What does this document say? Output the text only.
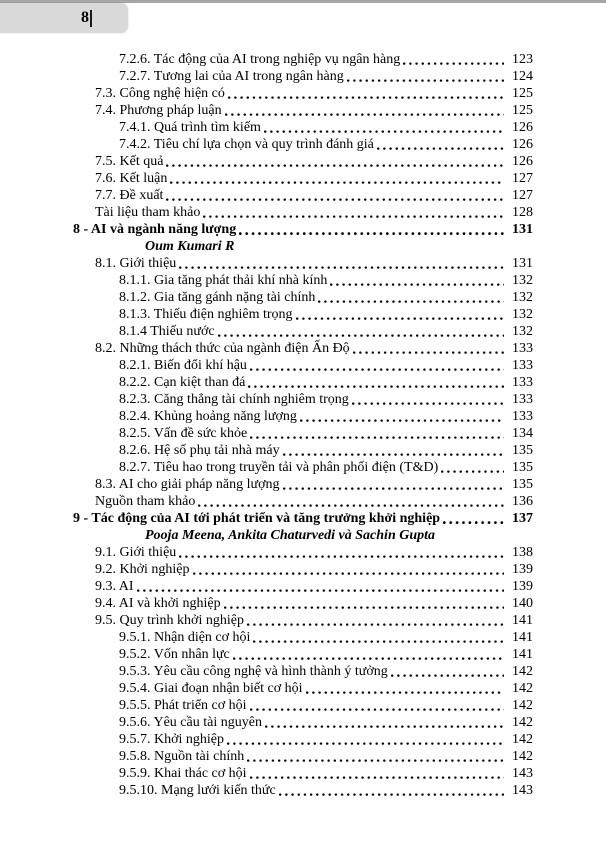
8
7.2.6. Tác động của AI trong nghiệp vụ ngân hàng	123
7.2.7. Tương lai của AI trong ngân hàng	124
7.3. Công nghệ hiện có	125
7.4. Phương pháp luận	125
7.4.1. Quá trình tìm kiếm	126
7.4.2. Tiêu chí lựa chọn và quy trình đánh giá	126
7.5. Kết quả	126
7.6. Kết luận	127
7.7. Đề xuất	127
Tài liệu tham khảo	128
8 - AI và ngành năng lượng	131
Oum Kumari R
8.1. Giới thiệu	131
8.1.1. Gia tăng phát thải khí nhà kính	132
8.1.2. Gia tăng gánh nặng tài chính	132
8.1.3. Thiếu điện nghiêm trọng	132
8.1.4 Thiếu nước	132
8.2. Những thách thức của ngành điện Ấn Độ	133
8.2.1. Biến đổi khí hậu	133
8.2.2. Cạn kiệt than đá	133
8.2.3. Căng thẳng tài chính nghiêm trọng	133
8.2.4. Khủng hoảng năng lượng	133
8.2.5. Vấn đề sức khỏe	134
8.2.6. Hệ số phụ tải nhà máy	135
8.2.7. Tiêu hao trong truyền tải và phân phối điện (T&D)	135
8.3. AI cho giải pháp năng lượng	135
Nguồn tham khảo	136
9 - Tác động của AI tới phát triển và tăng trưởng khởi nghiệp	137
Pooja Meena, Ankita Chaturvedi và Sachin Gupta
9.1. Giới thiệu	138
9.2. Khởi nghiệp	139
9.3. AI	139
9.4. AI và khởi nghiệp	140
9.5. Quy trình khởi nghiệp	141
9.5.1. Nhận diện cơ hội	141
9.5.2. Vốn nhân lực	141
9.5.3. Yêu cầu công nghệ và hình thành ý tưởng	142
9.5.4. Giai đoạn nhận biết cơ hội	142
9.5.5. Phát triển cơ hội	142
9.5.6. Yêu cầu tài nguyên	142
9.5.7. Khởi nghiệp	142
9.5.8. Nguồn tài chính	142
9.5.9. Khai thác cơ hội	143
9.5.10. Mạng lưới kiến thức	143
